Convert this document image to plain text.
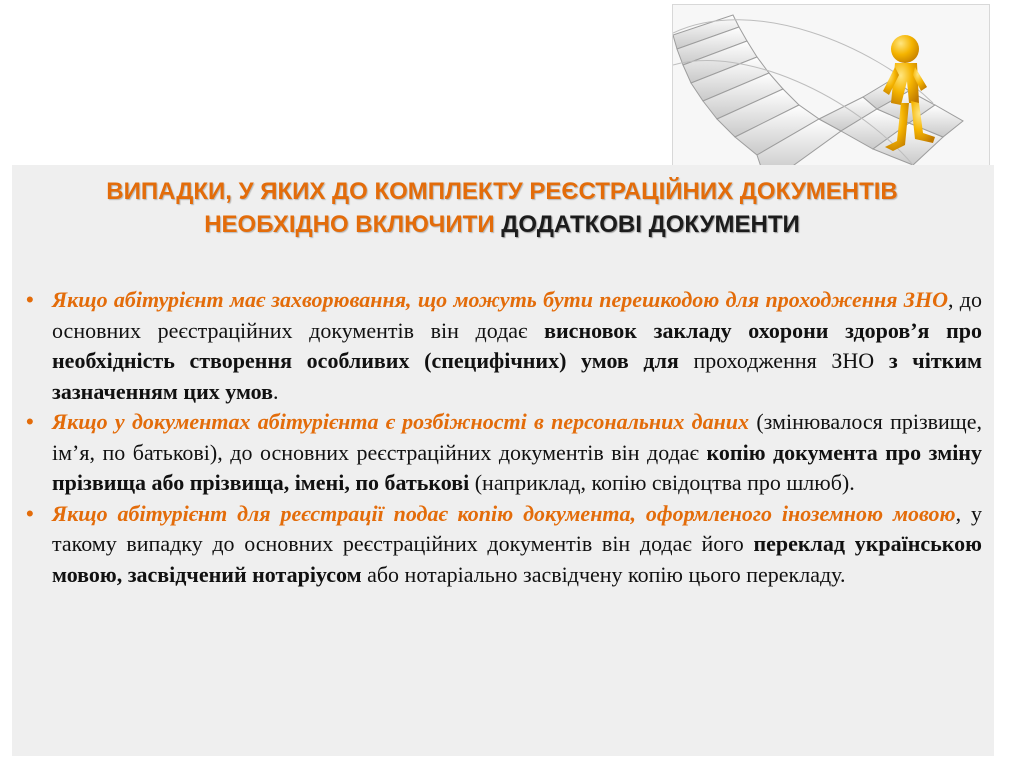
ВИПАДКИ, У ЯКИХ ДО КОМПЛЕКТУ РЕЄСТРАЦІЙНИХ ДОКУМЕНТІВ НЕОБХІДНО ВКЛЮЧИТИ ДОДАТКОВІ ДОКУМЕНТИ
• Якщо абітурієнт має захворювання, що можуть бути перешкодою для проходження ЗНО, до основних реєстраційних документів він додає висновок закладу охорони здоров’я про необхідність створення особливих (специфічних) умов для проходження ЗНО з чітким зазначенням цих умов.
• Якщо у документах абітурієнта є розбіжності в персональних даних (змінювалося прізвище, ім’я, по батькові), до основних реєстраційних документів він додає копію документа про зміну прізвища або прізвища, імені, по батькові (наприклад, копію свідоцтва про шлюб).
• Якщо абітурієнт для реєстрації подає копію документа, оформленого іноземною мовою, у такому випадку до основних реєстраційних документів він додає його переклад українською мовою, засвідчений нотаріусом або нотаріально засвідчену копію цього перекладу.
